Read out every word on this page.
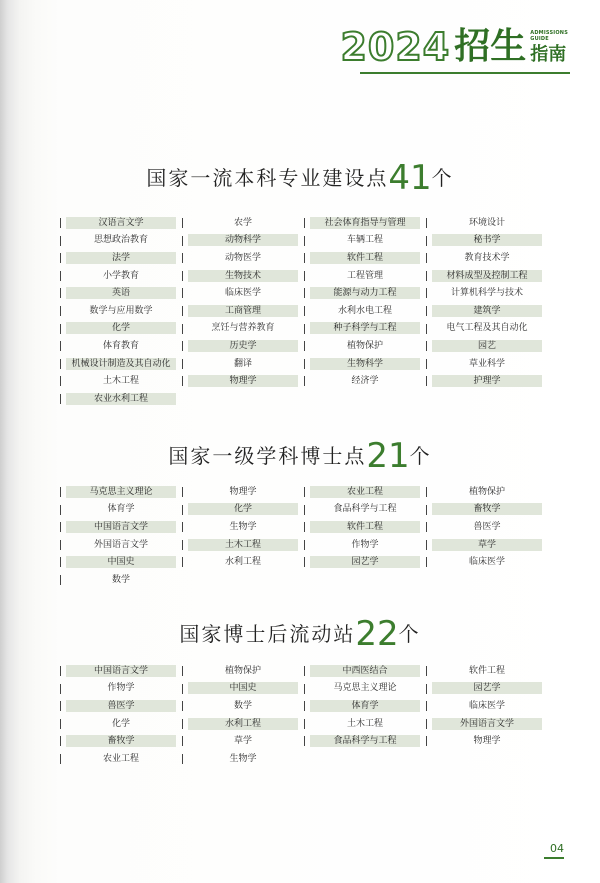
2024 招生 ADMISSIONS
GUIDE
指南
国家一流本科专业建设点41个
汉语言文学	农学	社会体育指导与管理	环境设计
思想政治教育	动物科学	车辆工程	秘书学
法学	动物医学	软件工程	教育技术学
小学教育	生物技术	工程管理	材料成型及控制工程
英语	临床医学	能源与动力工程	计算机科学与技术
数学与应用数学	工商管理	水利水电工程	建筑学
化学	烹饪与营养教育	种子科学与工程	电气工程及其自动化
体育教育	历史学	植物保护	园艺
机械设计制造及其自动化	翻译	生物科学	草业科学
土木工程	物理学	经济学	护理学
农业水利工程
国家一级学科博士点21个
马克思主义理论	物理学	农业工程	植物保护
体育学	化学	食品科学与工程	畜牧学
中国语言文学	生物学	软件工程	兽医学
外国语言文学	土木工程	作物学	草学
中国史	水利工程	园艺学	临床医学
数学
国家博士后流动站22个
中国语言文学	植物保护	中西医结合	软件工程
作物学	中国史	马克思主义理论	园艺学
兽医学	数学	体育学	临床医学
化学	水利工程	土木工程	外国语言文学
畜牧学	草学	食品科学与工程	物理学
农业工程	生物学
04
